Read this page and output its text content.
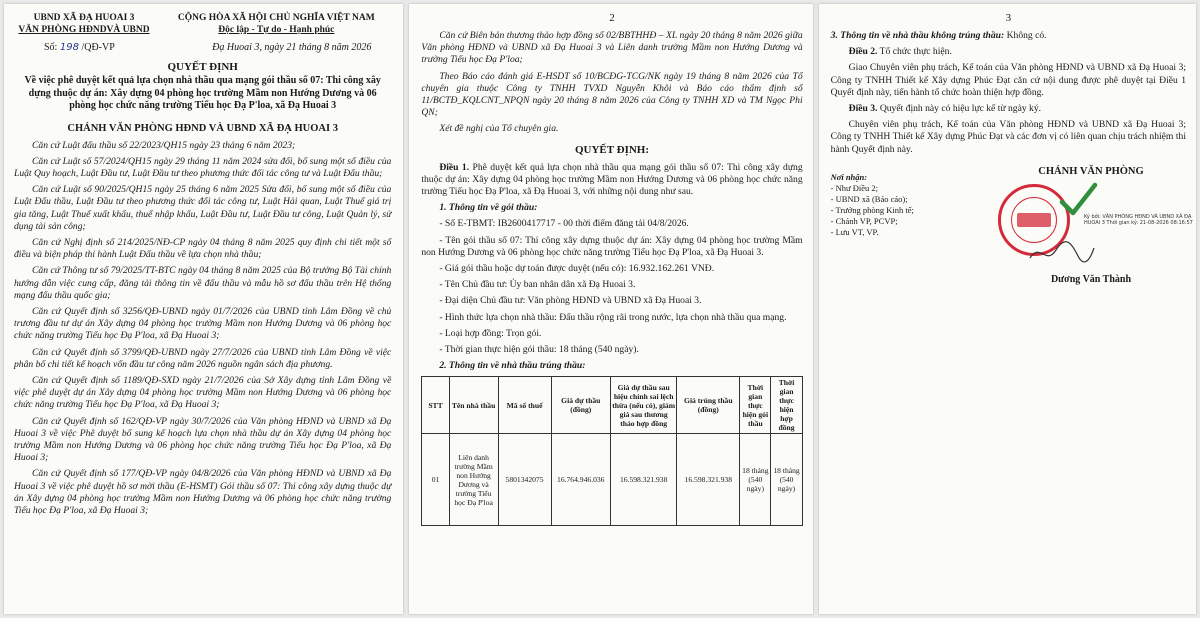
UBND XÃ ĐẠ HUOAI 3
VĂN PHÒNG HĐNDVÀ UBND
CỘNG HÒA XÃ HỘI CHỦ NGHĨA VIỆT NAM
Độc lập - Tự do - Hạnh phúc
Số: 198 /QĐ-VP	Đạ Huoai 3, ngày 21 tháng 8 năm 2026
QUYẾT ĐỊNH
Về việc phê duyệt kết quả lựa chọn nhà thầu qua mạng gói thầu số 07: Thi công xây dựng thuộc dự án: Xây dựng 04 phòng học trường Mầm non Hướng Dương và 06 phòng học chức năng trường Tiểu học Đạ P'loa, xã Đạ Huoai 3
CHÁNH VĂN PHÒNG HĐND VÀ UBND XÃ ĐẠ HUOAI 3

Căn cứ Luật đấu thầu số 22/2023/QH15 ngày 23 tháng 6 năm 2023;

Căn cứ Luật số 57/2024/QH15 ngày 29 tháng 11 năm 2024 sửa đổi, bổ sung một số điều của Luật Quy hoạch, Luật Đầu tư, Luật Đầu tư theo phương thức đối tác công tư và Luật Đấu thầu;

Căn cứ Luật số 90/2025/QH15 ngày 25 tháng 6 năm 2025 Sửa đổi, bổ sung một số điều của Luật Đấu thầu, Luật Đầu tư theo phương thức đối tác công tư, Luật Hải quan, Luật Thuế giá trị gia tăng, Luật Thuế xuất khẩu, thuế nhập khẩu, Luật Đầu tư, Luật Đầu tư công, Luật Quản lý, sử dụng tài sản công;

Căn cứ Nghị định số 214/2025/NĐ-CP ngày 04 tháng 8 năm 2025 quy định chi tiết một số điều và biện pháp thi hành Luật Đấu thầu về lựa chọn nhà thầu;

Căn cứ Thông tư số 79/2025/TT-BTC ngày 04 tháng 8 năm 2025 của Bộ trưởng Bộ Tài chính hướng dẫn việc cung cấp, đăng tải thông tin về đấu thầu và mẫu hồ sơ đấu thầu trên Hệ thống mạng đấu thầu quốc gia;

Căn cứ Quyết định số 3256/QĐ-UBND ngày 01/7/2026 của UBND tỉnh Lâm Đồng về chủ trương đầu tư dự án Xây dựng 04 phòng học trường Mầm non Hướng Dương và 06 phòng học chức năng trường Tiểu học Đạ P'loa, xã Đạ Huoai 3;

Căn cứ Quyết định số 3799/QĐ-UBND ngày 27/7/2026 của UBND tỉnh Lâm Đồng về việc phân bổ chi tiết kế hoạch vốn đầu tư công năm 2026 nguồn ngân sách địa phương.

Căn cứ Quyết định số 1189/QĐ-SXD ngày 21/7/2026 của Sở Xây dựng tỉnh Lâm Đồng về việc phê duyệt dự án Xây dựng 04 phòng học trường Mầm non Hướng Dương và 06 phòng học chức năng trường Tiểu học Đạ P'loa, xã Đạ Huoai 3;

Căn cứ Quyết định số 162/QĐ-VP ngày 30/7/2026 của Văn phòng HĐND và UBND xã Đạ Huoai 3 về việc Phê duyệt bổ sung kế hoạch lựa chọn nhà thầu dự án Xây dựng 04 phòng học trường Mầm non Hướng Dương và 06 phòng học chức năng trường Tiểu học Đạ P'loa, xã Đạ Huoai 3;

Căn cứ Quyết định số 177/QĐ-VP ngày 04/8/2026 của Văn phòng HĐND và UBND xã Đạ Huoai 3 về việc phê duyệt hồ sơ mời thầu (E-HSMT) Gói thầu số 07: Thi công xây dựng thuộc dự án Xây dựng 04 phòng học trường Mầm non Hướng Dương và 06 phòng học chức năng trường Tiểu học Đạ P'loa, xã Đạ Huoai 3;

2

Căn cứ Biên bản thương thảo hợp đồng số 02/BBTHHĐ – XL ngày 20 tháng 8 năm 2026 giữa Văn phòng HĐND và UBND xã Đạ Huoai 3 và Liên danh trường Mầm non Hướng Dương và trường Tiểu học Đạ P'loa;

Theo Báo cáo đánh giá E-HSDT số 10/BCĐG-TCG/NK ngày 19 tháng 8 năm 2026 của Tổ chuyên gia thuộc Công ty TNHH TVXD Nguyễn Khôi và Báo cáo thẩm định số 11/BCTĐ_KQLCNT_NPQN ngày 20 tháng 8 năm 2026 của Công ty TNHH XD và TM Ngọc Phi QN;

Xét đề nghị của Tổ chuyên gia.

QUYẾT ĐỊNH:

Điều 1. Phê duyệt kết quả lựa chọn nhà thầu qua mạng gói thầu số 07: Thi công xây dựng thuộc dự án: Xây dựng 04 phòng học trường Mầm non Hướng Dương và 06 phòng học chức năng trường Tiểu học Đạ P'loa, xã Đạ Huoai 3, với những nội dung như sau.

1. Thông tin về gói thầu:

- Số E-TBMT: IB2600417717 - 00 thời điểm đăng tải 04/8/2026.

- Tên gói thầu số 07: Thi công xây dựng thuộc dự án: Xây dựng 04 phòng học trường Mầm non Hướng Dương và 06 phòng học chức năng trường Tiểu học Đạ P'loa, xã Đạ Huoai 3.

- Giá gói thầu hoặc dự toán được duyệt (nếu có): 16.932.162.261 VNĐ.

- Tên Chủ đầu tư: Ủy ban nhân dân xã Đạ Huoai 3.

- Đại diện Chủ đầu tư: Văn phòng HĐND và UBND xã Đạ Huoai 3.

- Hình thức lựa chọn nhà thầu: Đấu thầu rộng rãi trong nước, lựa chọn nhà thầu qua mạng.

- Loại hợp đồng: Trọn gói.

- Thời gian thực hiện gói thầu: 18 tháng (540 ngày).

2. Thông tin về nhà thầu trúng thầu:

STT	Tên nhà thầu	Mã số thuế	Giá dự thầu (đồng)	Giá dự thầu sau hiệu chỉnh sai lệch thừa (nếu có), giảm giá sau thương thảo hợp đồng	Giá trúng thầu (đồng)	Thời gian thực hiện gói thầu	Thời gian thực hiện hợp đồng
01	Liên danh trường Mầm non Hướng Dương và trường Tiểu học Đạ P'loa	5801342075	16.764.946.036	16.598.321.938	16.598.321.938	18 tháng (540 ngày)	18 tháng (540 ngày)
3

3. Thông tin về nhà thầu không trúng thầu: Không có.

Điều 2. Tổ chức thực hiện.

Giao Chuyên viên phụ trách, Kế toán của Văn phòng HĐND và UBND xã Đạ Huoai 3; Công ty TNHH Thiết kế Xây dựng Phúc Đạt căn cứ nội dung được phê duyệt tại Điều 1 Quyết định này, tiến hành tổ chức hoàn thiện hợp đồng.

Điều 3. Quyết định này có hiệu lực kể từ ngày ký.

Chuyên viên phụ trách, Kế toán của Văn phòng HĐND và UBND xã Đạ Huoai 3; Công ty TNHH Thiết kế Xây dựng Phúc Đạt và các đơn vị có liên quan chịu trách nhiệm thi hành Quyết định này.

Nơi nhận:
- Như Điều 2;
- UBND xã (Báo cáo);
- Trưởng phòng Kinh tế;
- Chánh VP, PCVP;
- Lưu VT, VP.
CHÁNH VĂN PHÒNG
Ký bởi: VĂN PHÒNG HĐND VÀ UBND XÃ ĐẠ HUOAI 3 Thời gian ký: 21-08-2026 08:16:57
Dương Văn Thành
